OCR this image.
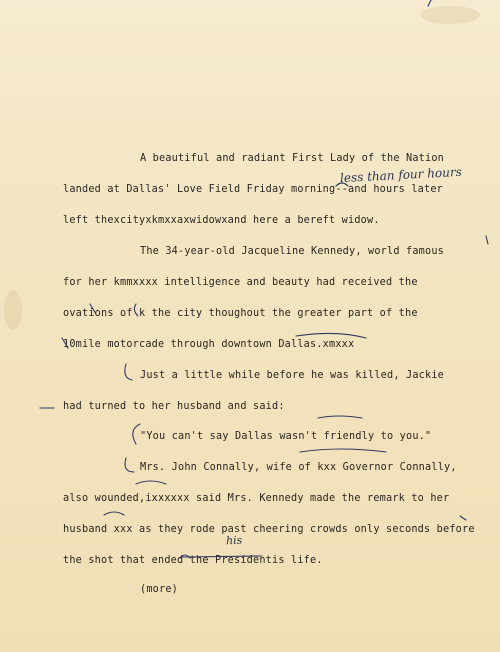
A beautiful and radiant First Lady of the Nation
landed at Dallas' Love Field Friday morning--and hours later
left thexcityxkmxxaxwidowxand here a bereft widow.
The 34-year-old Jacqueline Kennedy, world famous
for her kmmxxxx intelligence and beauty had received the
ovations of k the city thoughout the greater part of the
10mile motorcade through downtown Dallas.xmxxx
Just a little while before he was killed, Jackie
had turned to her husband and said:
"You can't say Dallas wasn't friendly to you."
Mrs. John Connally, wife of kxx Governor Connally,
also wounded,ixxxxxx said Mrs. Kennedy made the remark to her
husband xxx as they rode past cheering crowds only seconds before
the shot that ended the Presidentis life.
(more)
less than four hours
his
